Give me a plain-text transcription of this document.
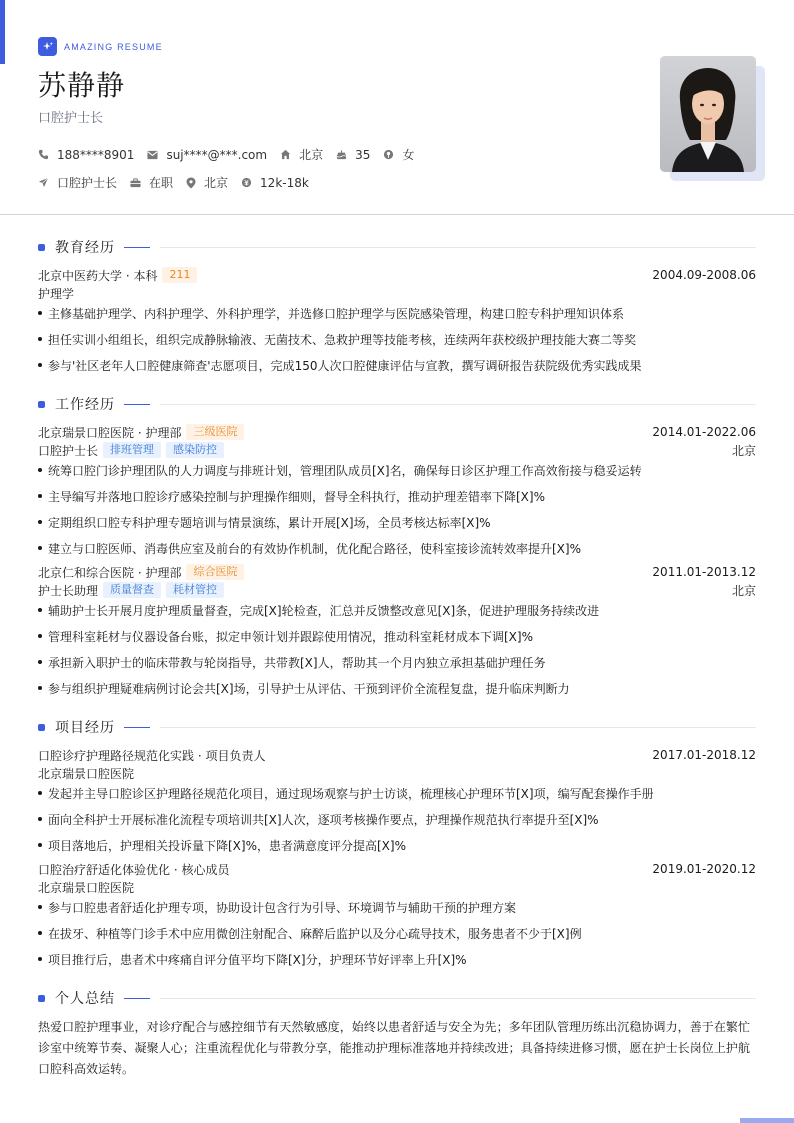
AMAZING RESUME
苏静静
口腔护士长
188****8901	suj****@***.com	北京	35	女
口腔护士长	在职	北京	12k-18k
教育经历
北京中医药大学 · 本科	211	2004.09-2008.06
护理学
主修基础护理学、内科护理学、外科护理学，并选修口腔护理学与医院感染管理，构建口腔专科护理知识体系
担任实训小组组长，组织完成静脉输液、无菌技术、急救护理等技能考核，连续两年获校级护理技能大赛二等奖
参与'社区老年人口腔健康筛查'志愿项目，完成150人次口腔健康评估与宣教，撰写调研报告获院级优秀实践成果
工作经历
北京瑞景口腔医院 · 护理部	三级医院	2014.01-2022.06
口腔护士长	排班管理	感染防控	北京
统筹口腔门诊护理团队的人力调度与排班计划，管理团队成员[X]名，确保每日诊区护理工作高效衔接与稳妥运转
主导编写并落地口腔诊疗感染控制与护理操作细则，督导全科执行，推动护理差错率下降[X]%
定期组织口腔专科护理专题培训与情景演练，累计开展[X]场，全员考核达标率[X]%
建立与口腔医师、消毒供应室及前台的有效协作机制，优化配合路径，使科室接诊流转效率提升[X]%
北京仁和综合医院 · 护理部	综合医院	2011.01-2013.12
护士长助理	质量督查	耗材管控	北京
辅助护士长开展月度护理质量督查，完成[X]轮检查，汇总并反馈整改意见[X]条，促进护理服务持续改进
管理科室耗材与仪器设备台账，拟定申领计划并跟踪使用情况，推动科室耗材成本下调[X]%
承担新入职护士的临床带教与轮岗指导，共带教[X]人，帮助其一个月内独立承担基础护理任务
参与组织护理疑难病例讨论会共[X]场，引导护士从评估、干预到评价全流程复盘，提升临床判断力
项目经历
口腔诊疗护理路径规范化实践 · 项目负责人	2017.01-2018.12
北京瑞景口腔医院
发起并主导口腔诊区护理路径规范化项目，通过现场观察与护士访谈，梳理核心护理环节[X]项，编写配套操作手册
面向全科护士开展标准化流程专项培训共[X]人次，逐项考核操作要点，护理操作规范执行率提升至[X]%
项目落地后，护理相关投诉量下降[X]%，患者满意度评分提高[X]%
口腔治疗舒适化体验优化 · 核心成员	2019.01-2020.12
北京瑞景口腔医院
参与口腔患者舒适化护理专项，协助设计包含行为引导、环境调节与辅助干预的护理方案
在拔牙、种植等门诊手术中应用微创注射配合、麻醉后监护以及分心疏导技术，服务患者不少于[X]例
项目推行后，患者术中疼痛自评分值平均下降[X]分，护理环节好评率上升[X]%
个人总结
热爱口腔护理事业，对诊疗配合与感控细节有天然敏感度，始终以患者舒适与安全为先；多年团队管理历练出沉稳协调力，善于在繁忙诊室中统筹节奏、凝聚人心；注重流程优化与带教分享，能推动护理标准落地并持续改进；具备持续进修习惯，愿在护士长岗位上护航口腔科高效运转。
